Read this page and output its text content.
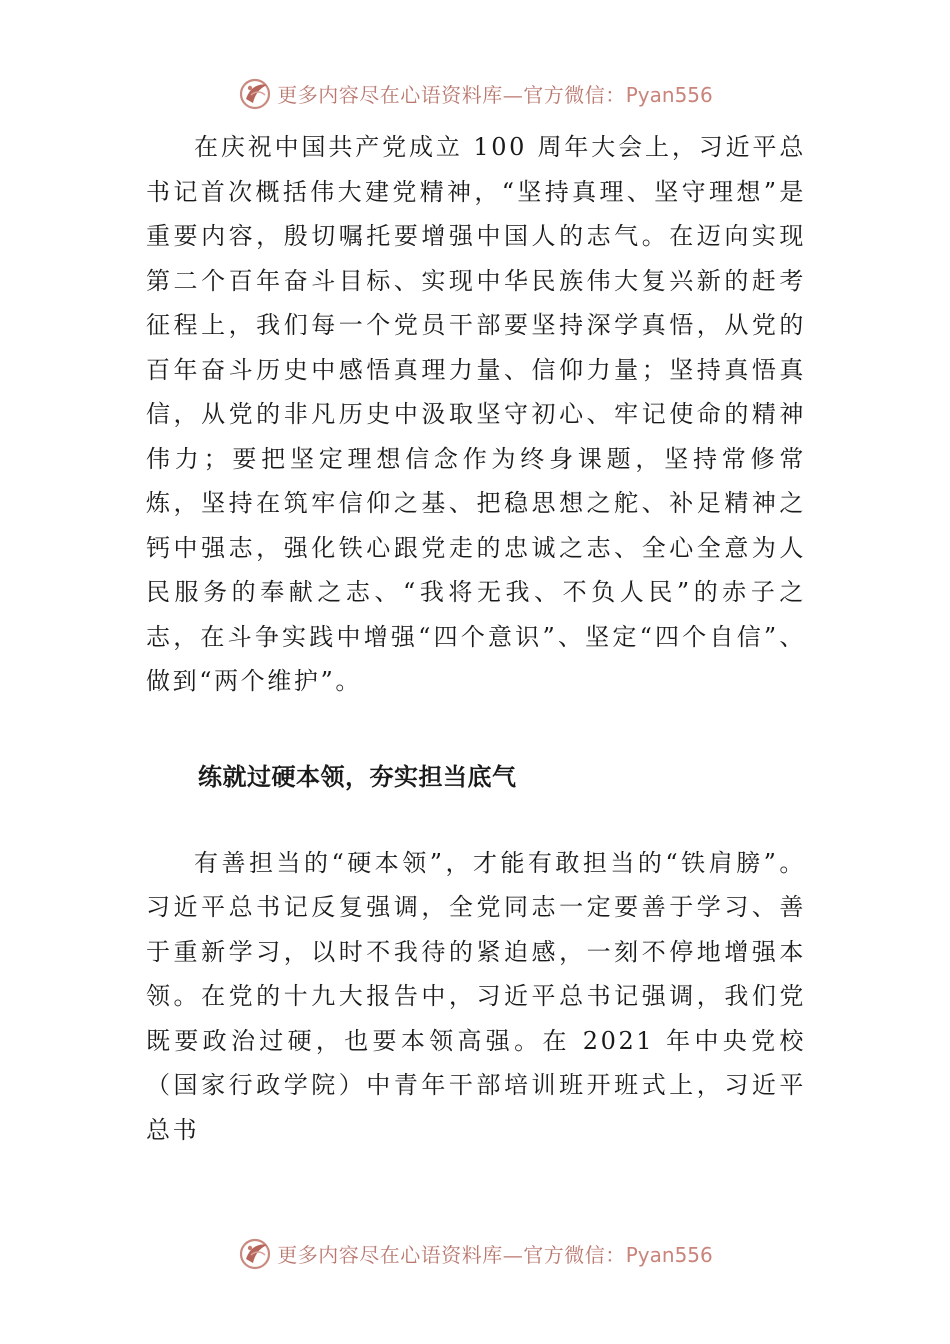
更多内容尽在心语资料库—官方微信：Pyan556

在庆祝中国共产党成立 100 周年大会上，习近平总书记首次概括伟大建党精神，“坚持真理、坚守理想”是重要内容，殷切嘱托要增强中国人的志气。在迈向实现第二个百年奋斗目标、实现中华民族伟大复兴新的赶考征程上，我们每一个党员干部要坚持深学真悟，从党的百年奋斗历史中感悟真理力量、信仰力量；坚持真悟真信，从党的非凡历史中汲取坚守初心、牢记使命的精神伟力；要把坚定理想信念作为终身课题，坚持常修常炼，坚持在筑牢信仰之基、把稳思想之舵、补足精神之钙中强志，强化铁心跟党走的忠诚之志、全心全意为人民服务的奉献之志、“我将无我、不负人民”的赤子之志，在斗争实践中增强“四个意识”、坚定“四个自信”、做到“两个维护”。

练就过硬本领，夯实担当底气

有善担当的“硬本领”，才能有敢担当的“铁肩膀”。习近平总书记反复强调，全党同志一定要善于学习、善于重新学习，以时不我待的紧迫感，一刻不停地增强本领。在党的十九大报告中，习近平总书记强调，我们党既要政治过硬，也要本领高强。在 2021 年中央党校（国家行政学院）中青年干部培训班开班式上，习近平总书

更多内容尽在心语资料库—官方微信：Pyan556
